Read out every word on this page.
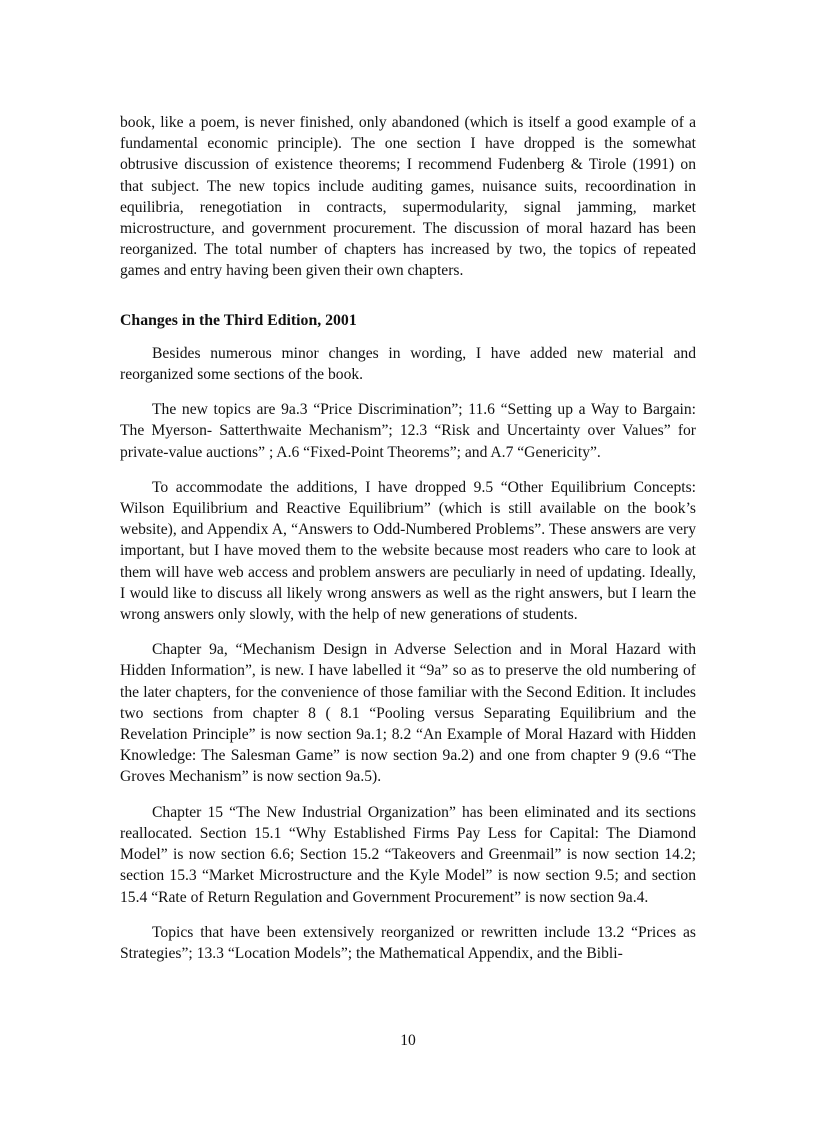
book, like a poem, is never finished, only abandoned (which is itself a good example of a fundamental economic principle). The one section I have dropped is the somewhat obtrusive discussion of existence theorems; I recommend Fudenberg & Tirole (1991) on that subject. The new topics include auditing games, nuisance suits, recoordination in equilibria, renegotiation in contracts, supermodularity, signal jamming, market microstructure, and government procurement. The discussion of moral hazard has been reorganized. The total number of chapters has increased by two, the topics of repeated games and entry having been given their own chapters.

Changes in the Third Edition, 2001

Besides numerous minor changes in wording, I have added new material and reorganized some sections of the book.

The new topics are 9a.3 “Price Discrimination”; 11.6 “Setting up a Way to Bargain: The Myerson- Satterthwaite Mechanism”; 12.3 “Risk and Uncertainty over Values” for private-value auctions” ; A.6 “Fixed-Point Theorems”; and A.7 “Genericity”.

To accommodate the additions, I have dropped 9.5 “Other Equilibrium Concepts: Wilson Equilibrium and Reactive Equilibrium” (which is still available on the book’s website), and Appendix A, “Answers to Odd-Numbered Problems”. These answers are very important, but I have moved them to the website because most readers who care to look at them will have web access and problem answers are peculiarly in need of updating. Ideally, I would like to discuss all likely wrong answers as well as the right answers, but I learn the wrong answers only slowly, with the help of new generations of students.

Chapter 9a, “Mechanism Design in Adverse Selection and in Moral Hazard with Hidden Information”, is new. I have labelled it “9a” so as to preserve the old numbering of the later chapters, for the convenience of those familiar with the Second Edition. It includes two sections from chapter 8 ( 8.1 “Pooling versus Separating Equilibrium and the Revelation Principle” is now section 9a.1; 8.2 “An Example of Moral Hazard with Hidden Knowledge: The Salesman Game” is now section 9a.2) and one from chapter 9 (9.6 “The Groves Mechanism” is now section 9a.5).

Chapter 15 “The New Industrial Organization” has been eliminated and its sections reallocated. Section 15.1 “Why Established Firms Pay Less for Capital: The Diamond Model” is now section 6.6; Section 15.2 “Takeovers and Greenmail” is now section 14.2; section 15.3 “Market Microstructure and the Kyle Model” is now section 9.5; and section 15.4 “Rate of Return Regulation and Government Procurement” is now section 9a.4.

Topics that have been extensively reorganized or rewritten include 13.2 “Prices as Strategies”; 13.3 “Location Models”; the Mathematical Appendix, and the Bibli-

10
